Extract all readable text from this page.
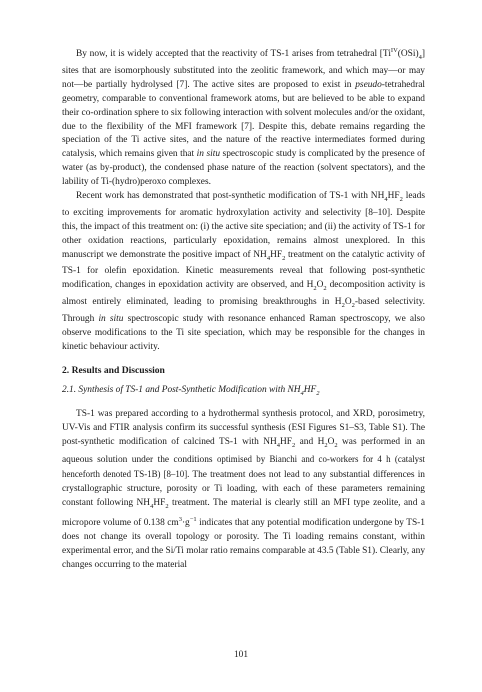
By now, it is widely accepted that the reactivity of TS-1 arises from tetrahedral $[Ti^{IV}(OSi)_4]$ sites that are isomorphously substituted into the zeolitic framework, and which may—or may not—be partially hydrolysed [7]. The active sites are proposed to exist in pseudo-tetrahedral geometry, comparable to conventional framework atoms, but are believed to be able to expand their co-ordination sphere to six following interaction with solvent molecules and/or the oxidant, due to the flexibility of the MFI framework [7]. Despite this, debate remains regarding the speciation of the Ti active sites, and the nature of the reactive intermediates formed during catalysis, which remains given that in situ spectroscopic study is complicated by the presence of water (as by-product), the condensed phase nature of the reaction (solvent spectators), and the lability of Ti-(hydro)peroxo complexes.

Recent work has demonstrated that post-synthetic modification of TS-1 with $NH_4HF_2$ leads to exciting improvements for aromatic hydroxylation activity and selectivity [8–10]. Despite this, the impact of this treatment on: (i) the active site speciation; and (ii) the activity of TS-1 for other oxidation reactions, particularly epoxidation, remains almost unexplored. In this manuscript we demonstrate the positive impact of $NH_4HF_2$ treatment on the catalytic activity of TS-1 for olefin epoxidation. Kinetic measurements reveal that following post-synthetic modification, changes in epoxidation activity are observed, and $H_2O_2$ decomposition activity is almost entirely eliminated, leading to promising breakthroughs in $H_2O_2$-based selectivity. Through in situ spectroscopic study with resonance enhanced Raman spectroscopy, we also observe modifications to the Ti site speciation, which may be responsible for the changes in kinetic behaviour activity.

2. Results and Discussion

2.1. Synthesis of TS-1 and Post-Synthetic Modification with $NH_4HF_2$

TS-1 was prepared according to a hydrothermal synthesis protocol, and XRD, porosimetry, UV-Vis and FTIR analysis confirm its successful synthesis (ESI Figures S1–S3, Table S1). The post-synthetic modification of calcined TS-1 with $NH_4HF_2$ and $H_2O_2$ was performed in an aqueous solution under the conditions optimised by Bianchi and co-workers for 4 h (catalyst henceforth denoted TS-1B) [8–10]. The treatment does not lead to any substantial differences in crystallographic structure, porosity or Ti loading, with each of these parameters remaining constant following $NH_4HF_2$ treatment. The material is clearly still an MFI type zeolite, and a micropore volume of 0.138 $cm^3\cdot g^{-1}$ indicates that any potential modification undergone by TS-1 does not change its overall topology or porosity. The Ti loading remains constant, within experimental error, and the Si/Ti molar ratio remains comparable at 43.5 (Table S1). Clearly, any changes occurring to the material

101
